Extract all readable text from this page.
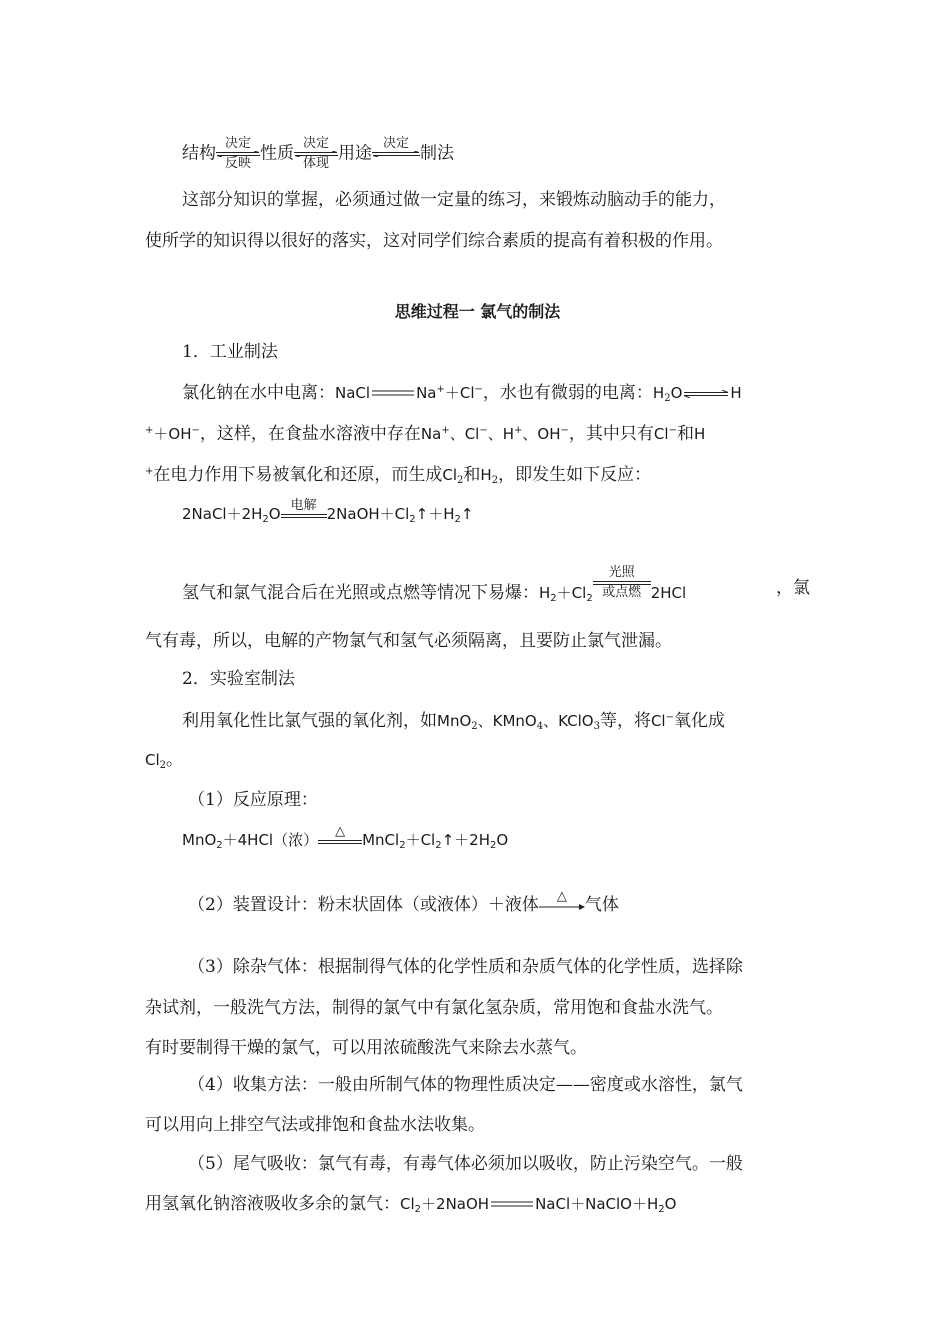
结构 决定
反映 性质 决定
体现 用途 决定 制法
这部分知识的掌握，必须通过做一定量的练习，来锻炼动脑动手的能力，
使所学的知识得以很好的落实，这对同学们综合素质的提高有着积极的作用。
思维过程一 氯气的制法
1．工业制法
氯化钠在水中电离：NaCl	Na+＋Cl−，水也有微弱的电离：$H_2O$	H
+＋OH−，这样，在食盐水溶液中存在Na+、Cl−、H+、OH−，其中只有Cl−和H
+在电力作用下易被氧化和还原，而生成$Cl_2$和$H_2$，即发生如下反应：
$2NaCl+2H_2O$ 电解 $2NaOH+Cl_2↑+H_2↑$
氢气和氯气混合后在光照或点燃等情况下易爆：$H_2+Cl_2$
光照
或点燃 2HCl	，氯
气有毒，所以，电解的产物氯气和氢气必须隔离，且要防止氯气泄漏。
2．实验室制法
利用氧化性比氯气强的氧化剂，如MnO$_2$、KMnO$_4$、KClO$_3$等，将Cl−氧化成
$Cl_2$。
（1）反应原理：
MnO$_2$＋4HCl（浓）	△	$MnCl_2+Cl_2↑+2H_2O$
（2）装置设计：粉末状固体（或液体）＋液体	△	气体
（3）除杂气体：根据制得气体的化学性质和杂质气体的化学性质，选择除
杂试剂，一般洗气方法，制得的氯气中有氯化氢杂质，常用饱和食盐水洗气。
有时要制得干燥的氯气，可以用浓硫酸洗气来除去水蒸气。
（4）收集方法：一般由所制气体的物理性质决定——密度或水溶性，氯气
可以用向上排空气法或排饱和食盐水法收集。
（5）尾气吸收：氯气有毒，有毒气体必须加以吸收，防止污染空气。一般
用氢氧化钠溶液吸收多余的氯气：$Cl_2+2NaOH$	$NaCl+NaClO+H_2O$
